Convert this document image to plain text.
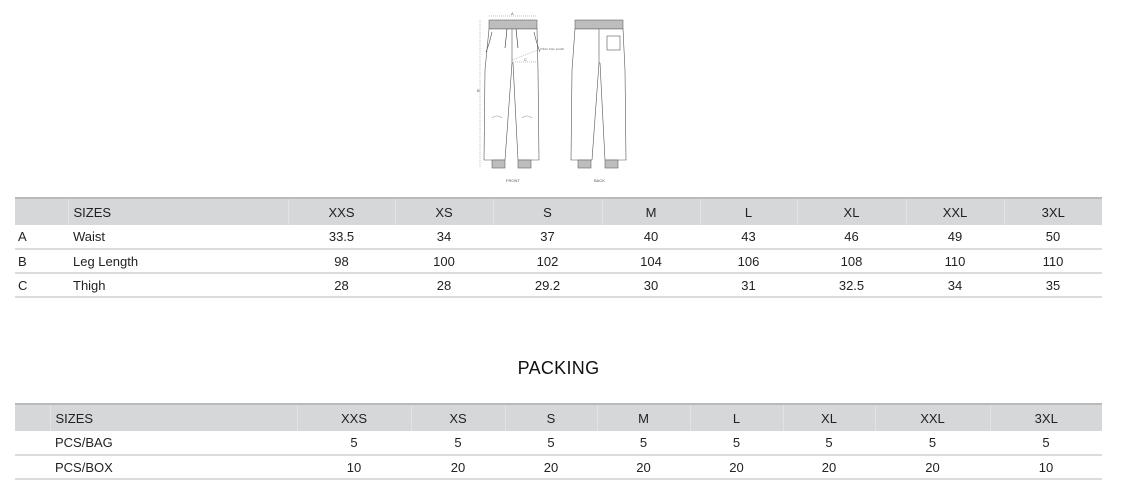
A
B
C
2.5cm from crotch
FRONT	BACK
	SIZES	XXS	XS	S	M	L	XL	XXL	3XL
A	Waist	33.5	34	37	40	43	46	49	50
B	Leg Length	98	100	102	104	106	108	110	110
C	Thigh	28	28	29.2	30	31	32.5	34	35
PACKING
	SIZES	XXS	XS	S	M	L	XL	XXL	3XL
	PCS/BAG	5	5	5	5	5	5	5	5
	PCS/BOX	10	20	20	20	20	20	20	10
